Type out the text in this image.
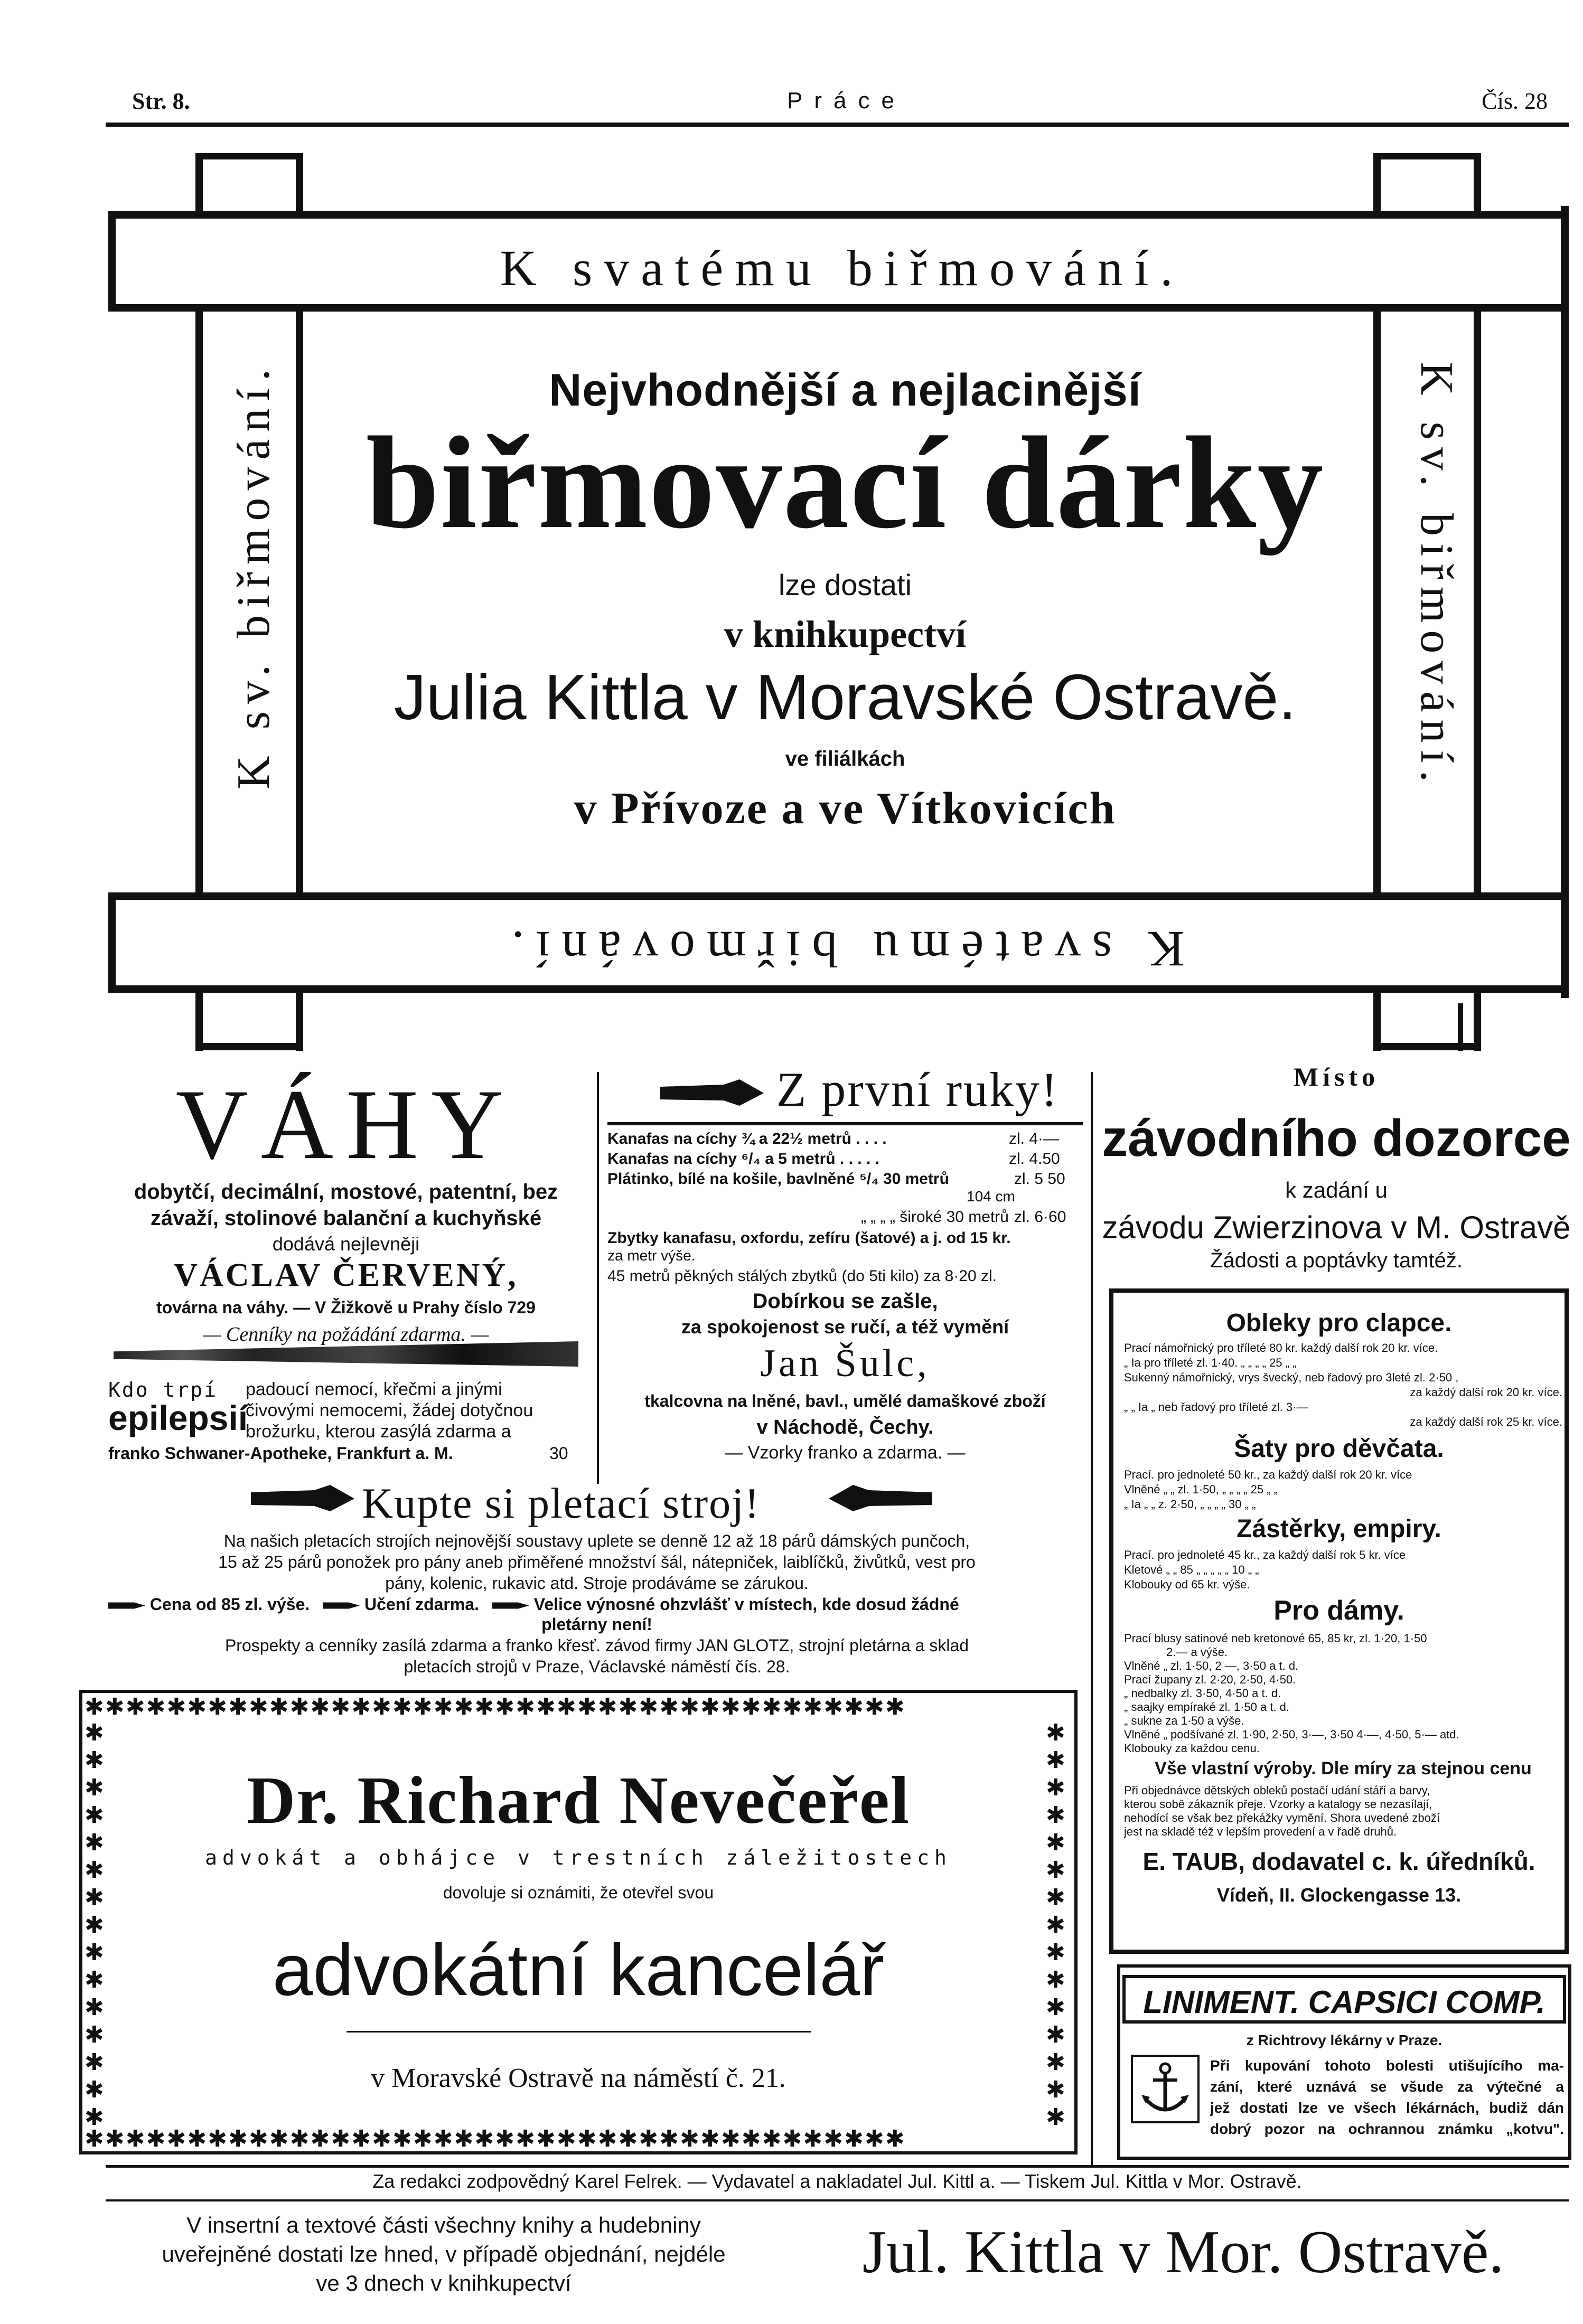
Str. 8.	Práce	Čís. 28
K svatému biřmování.
K svatému biřmování.
K sv. biřmování.	K sv. biřmování.
Nejvhodnější a nejlacinější
biřmovací dárky
lze dostati
v knihkupectví
Julia Kittla v Moravské Ostravě.
ve filiálkách
v Přívoze a ve Vítkovicích
VÁHY
dobytčí, decimální, mostové, patentní, bez
závaží, stolinové balanční a kuchyňské
dodává nejlevněji
VÁCLAV ČERVENÝ,
továrna na váhy. — V Žižkově u Prahy číslo 729
— Cenníky na požádání zdarma. —
Kdo trpí
epilepsií
padoucí nemocí, křečmi a jinými
čivovými nemocemi, žádej dotyčnou
brožurku, kterou zasýlá zdarma a
franko Schwaner-Apotheke, Frankfurt a. M.	30
Z první ruky!
Kanafas na cíchy ¾ a 22½ metrů . . . .	zl. 4·—
Kanafas na cíchy ⁶/₄ a 5 metrů . . . . .	zl. 4.50
Plátinko, bílé na košile, bavlněné ⁵/₄ 30 metrů	zl. 5 50
104 cm
„ „ „ „ široké 30 metrů zl. 6·60
Zbytky kanafasu, oxfordu, zefíru (šatové) a j. od 15 kr.
za metr výše.
45 metrů pěkných stálých zbytků (do 5ti kilo) za 8·20 zl.
Dobírkou se zašle,
za spokojenost se ručí, a též vymění
Jan Šulc,
tkalcovna na lněné, bavl., umělé damaškové zboží
v Náchodě, Čechy.
— Vzorky franko a zdarma. —
Místo
závodního dozorce
k zadání u
závodu Zwierzinova v M. Ostravě
Žádosti a poptávky tamtéž.
Kupte si pletací stroj!
Na našich pletacích strojích nejnovější soustavy uplete se denně 12 až 18 párů dámských punčoch,
15 až 25 párů ponožek pro pány aneb přiměřené množství šál, nátepniček, laiblíčků, živůtků, vest pro
pány, kolenic, rukavic atd. Stroje prodáváme se zárukou.
Cena od 85 zl. výše.	Učení zdarma.	Velice výnosné ohzvlášť v místech, kde dosud žádné
pletárny není!
Prospekty a cenníky zasílá zdarma a franko křesť. závod firmy JAN GLOTZ, strojní pletárna a sklad
pletacích strojů v Praze, Václavské náměstí čís. 28.
✱✱✱✱✱✱✱✱✱✱✱✱✱✱✱✱✱✱✱✱✱✱✱✱✱✱✱✱✱✱✱✱✱✱✱✱✱✱✱✱
✱✱✱✱✱✱✱✱✱✱✱✱✱✱✱✱✱✱✱✱✱✱✱✱✱✱✱✱✱✱✱✱✱✱✱✱✱✱✱✱
✱ ✱ ✱ ✱ ✱ ✱ ✱ ✱ ✱ ✱ ✱ ✱ ✱ ✱ ✱
✱ ✱ ✱ ✱ ✱ ✱ ✱ ✱ ✱ ✱ ✱ ✱ ✱ ✱ ✱
Dr. Richard Nevečeřel
advokát a obhájce v trestních záležitostech
dovoluje si oznámiti, že otevřel svou
advokátní kancelář
v Moravské Ostravě na náměstí č. 21.
Obleky pro clapce.
Prací námořnický pro tříleté 80 kr. každý další rok 20 kr. více.
„ Ia pro tříleté zl. 1·40. „ „ „ „ 25 „ „
Sukenný námořnický, vrys švecký, neb řadový pro 3leté zl. 2·50 ,
za každý další rok 20 kr. více.
„ „ Ia „ neb řadový pro tříleté zl. 3·—
za každý další rok 25 kr. více.
Šaty pro děvčata.
Prací. pro jednoleté 50 kr., za každý další rok 20 kr. více
Vlněné „ „ zl. 1·50, „ „ „ „ 25 „ „
„ Ia „ „ z. 2·50, „ „ „ „ 30 „ „
Zástěrky, empiry.
Prací. pro jednoleté 45 kr., za každý další rok 5 kr. více
Kletové „ „ 85 „ „ „ „ „ 10 „ „
Klobouky od 65 kr. výše.
Pro dámy.
Prací blusy satinové neb kretonové 65, 85 kr, zl. 1·20, 1·50
2.— a výše.
Vlněné „ zl. 1·50, 2 —, 3·50 a t. d.
Prací župany zl. 2·20, 2·50, 4·50.
„ nedbalky zl. 3·50, 4·50 a t. d.
„ saajky empíraké zl. 1·50 a t. d.
„ sukne za 1·50 a výše.
Vlněné „ podšívané zl. 1·90, 2·50, 3·—, 3·50 4·—, 4·50, 5·— atd.
Klobouky za každou cenu.
Vše vlastní výroby. Dle míry za stejnou cenu
Při objednávce dětských obleků postačí udání stáří a barvy,
kterou sobě zákazník přeje. Vzorky a katalogy se nezasílají,
nehodící se však bez překážky vymění. Shora uvedené zboží
jest na skladě též v lepším provedení a v řadě druhů.
E. TAUB, dodavatel c. k. úředníků.
Vídeň, II. Glockengasse 13.
LINIMENT. CAPSICI COMP.
z Richtrovy lékárny v Praze.
Při kupování tohoto bolesti utišujícího ma-
zání, které uznává se všude za výtečné a
jež dostati lze ve všech lékárnách, budiž dán
dobrý pozor na ochrannou známku „kotvu".
Za redakci zodpovědný Karel Felrek. — Vydavatel a nakladatel Jul. Kittl a. — Tiskem Jul. Kittla v Mor. Ostravě.
V insertní a textové části všechny knihy a hudebniny
uveřejněné dostati lze hned, v případě objednání, nejdéle
ve 3 dnech v knihkupectví	Jul. Kittla v Mor. Ostravě.
